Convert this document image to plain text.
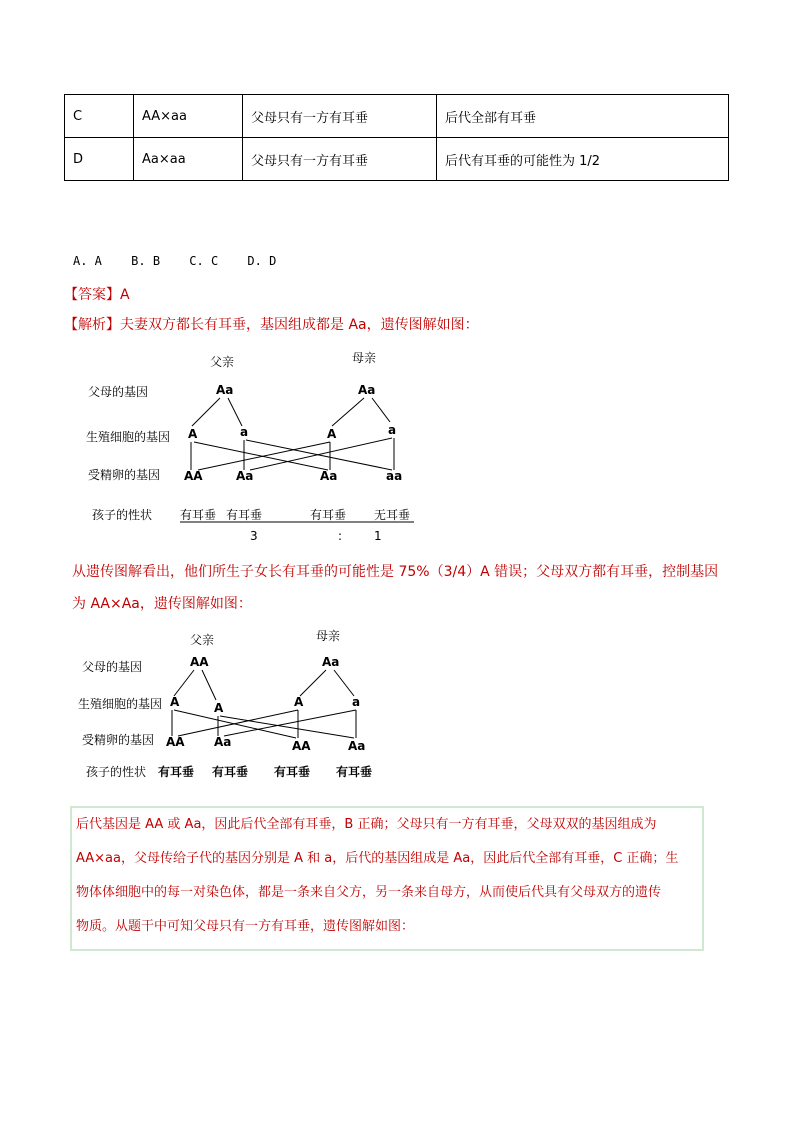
C	AA×aa	父母只有一方有耳垂	后代全部有耳垂
D	Aa×aa	父母只有一方有耳垂	后代有耳垂的可能性为 1/2
A. A B. B C. C D. D
【答案】A
【解析】夫妻双方都长有耳垂，基因组成都是 Aa，遗传图解如图：
父亲	母亲
父母的基因
生殖细胞的基因
受精卵的基因
孩子的性状
Aa	Aa
A	a	A	a
AA	Aa	Aa	aa
有耳垂 有耳垂	有耳垂 无耳垂
3	:	1
从遗传图解看出，他们所生子女长有耳垂的可能性是 75%（3/4）A 错误；父母双方都有耳垂，控制基因为 AA×Aa，遗传图解如图：
父亲	母亲
父母的基因
生殖细胞的基因
受精卵的基因
孩子的性状
AA	Aa
A	A	A	a
AA Aa	AA	Aa
有耳垂 有耳垂 有耳垂 有耳垂
后代基因是 AA 或 Aa，因此后代全部有耳垂，B 正确；父母只有一方有耳垂，父母双双的基因组成为
AA×aa，父母传给子代的基因分别是 A 和 a，后代的基因组成是 Aa，因此后代全部有耳垂，C 正确；生
物体体细胞中的每一对染色体，都是一条来自父方，另一条来自母方，从而使后代具有父母双方的遗传
物质。从题干中可知父母只有一方有耳垂，遗传图解如图：
